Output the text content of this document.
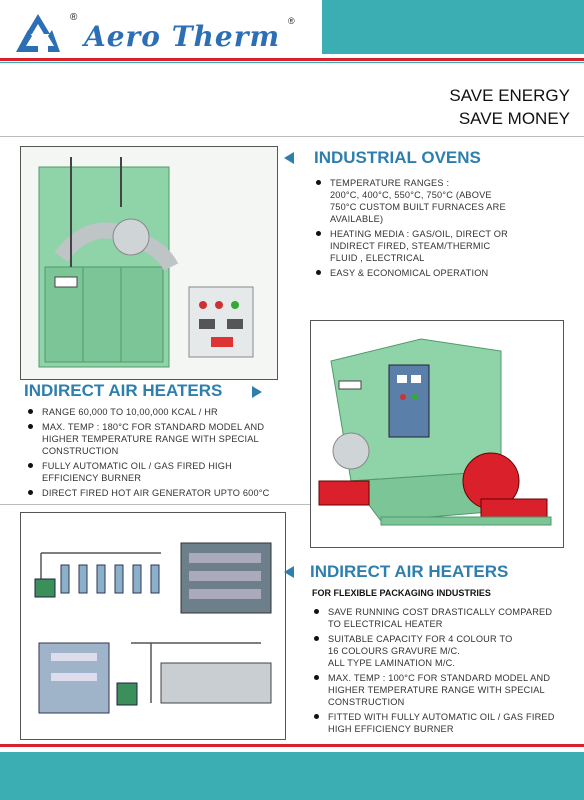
®
Aero Therm ®
SAVE ENERGY
SAVE MONEY
INDUSTRIAL OVENS
TEMPERATURE RANGES :
200°C, 400°C, 550°C, 750°C (ABOVE
750°C CUSTOM BUILT FURNACES ARE
AVAILABLE)
HEATING MEDIA : GAS/OIL, DIRECT OR
INDIRECT FIRED, STEAM/THERMIC
FLUID , ELECTRICAL
EASY & ECONOMICAL OPERATION
INDIRECT AIR HEATERS
RANGE 60,000 TO 10,00,000 KCAL / HR
MAX. TEMP : 180°C FOR STANDARD MODEL AND
HIGHER TEMPERATURE RANGE WITH SPECIAL
CONSTRUCTION
FULLY AUTOMATIC OIL / GAS FIRED HIGH
EFFICIENCY BURNER
DIRECT FIRED HOT AIR GENERATOR UPTO 600°C
INDIRECT AIR HEATERS
FOR FLEXIBLE PACKAGING INDUSTRIES
SAVE RUNNING COST DRASTICALLY COMPARED
TO ELECTRICAL HEATER
SUITABLE CAPACITY FOR 4 COLOUR TO
16 COLOURS GRAVURE M/C.
ALL TYPE LAMINATION M/C.
MAX. TEMP : 100°C FOR STANDARD MODEL AND
HIGHER TEMPERATURE RANGE WITH SPECIAL
CONSTRUCTION
FITTED WITH FULLY AUTOMATIC OIL / GAS FIRED
HIGH EFFICIENCY BURNER
